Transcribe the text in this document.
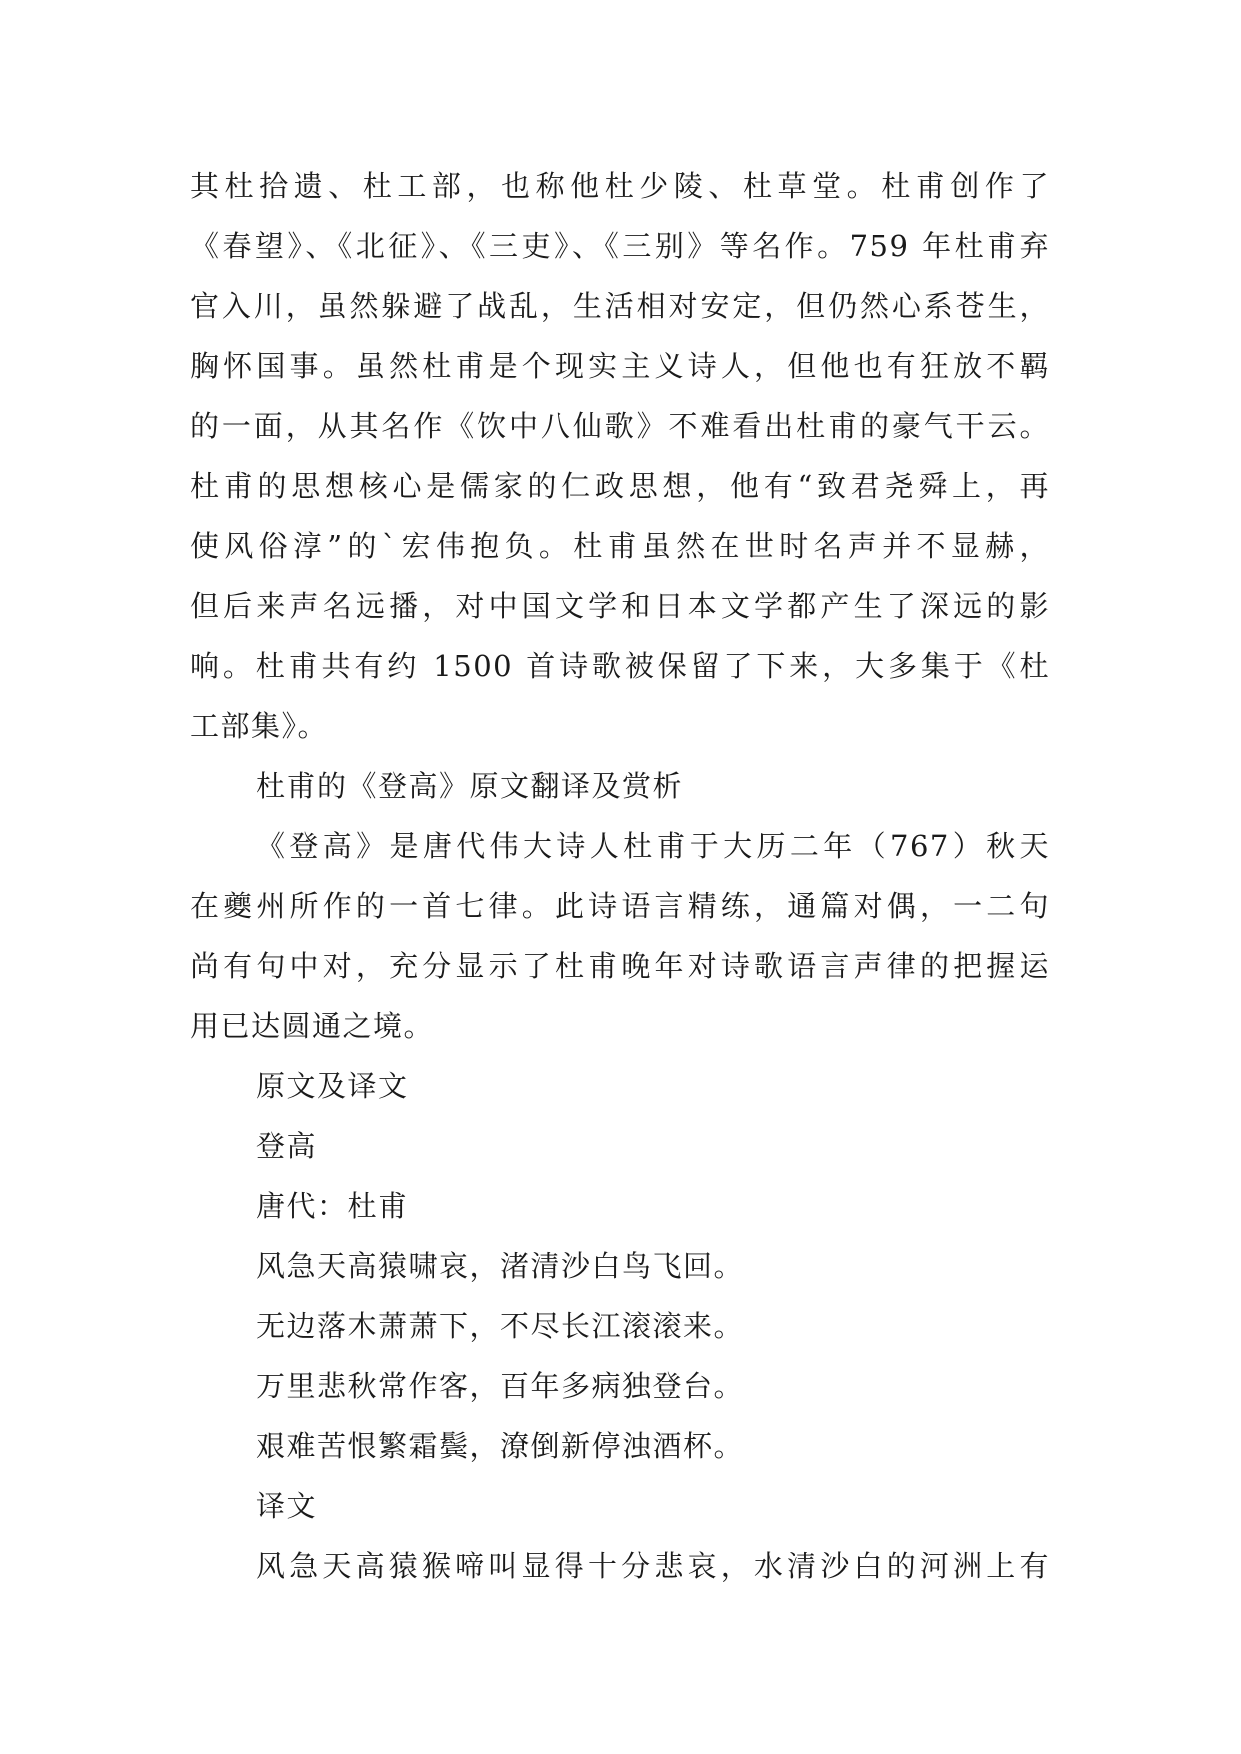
其杜拾遗、杜工部，也称他杜少陵、杜草堂。杜甫创作了
《春望》、《北征》、《三吏》、《三别》等名作。759 年杜甫弃
官入川，虽然躲避了战乱，生活相对安定，但仍然心系苍生，
胸怀国事。虽然杜甫是个现实主义诗人，但他也有狂放不羁
的一面，从其名作《饮中八仙歌》不难看出杜甫的豪气干云。
杜甫的思想核心是儒家的仁政思想，他有“致君尧舜上，再
使风俗淳”的`宏伟抱负。杜甫虽然在世时名声并不显赫，
但后来声名远播，对中国文学和日本文学都产生了深远的影
响。杜甫共有约 1500 首诗歌被保留了下来，大多集于《杜
工部集》。
杜甫的《登高》原文翻译及赏析
《登高》是唐代伟大诗人杜甫于大历二年（767）秋天
在夔州所作的一首七律。此诗语言精练，通篇对偶，一二句
尚有句中对，充分显示了杜甫晚年对诗歌语言声律的把握运
用已达圆通之境。
原文及译文
登高
唐代：杜甫
风急天高猿啸哀，渚清沙白鸟飞回。
无边落木萧萧下，不尽长江滚滚来。
万里悲秋常作客，百年多病独登台。
艰难苦恨繁霜鬓，潦倒新停浊酒杯。
译文
风急天高猿猴啼叫显得十分悲哀，水清沙白的河洲上有
